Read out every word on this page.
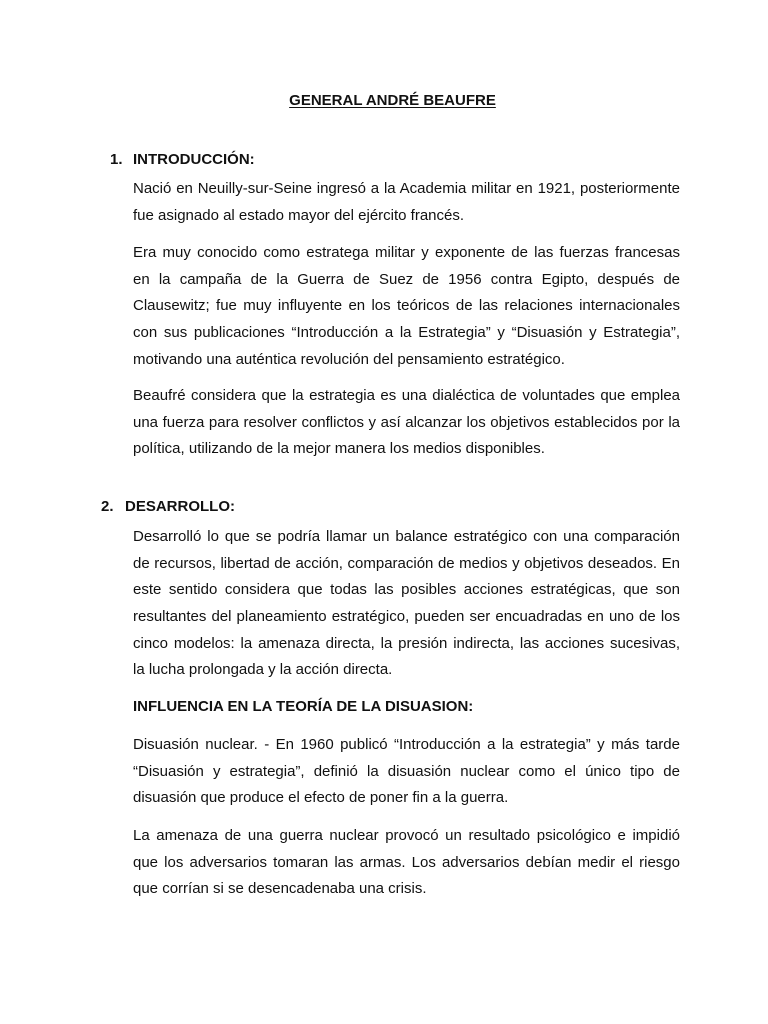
GENERAL ANDRÉ BEAUFRE
1. INTRODUCCIÓN:
Nació en Neuilly-sur-Seine ingresó a la Academia militar en 1921, posteriormente
fue asignado al estado mayor del ejército francés.
Era muy conocido como estratega militar y exponente de las fuerzas francesas
en la campaña de la Guerra de Suez de 1956 contra Egipto, después de
Clausewitz; fue muy influyente en los teóricos de las relaciones internacionales
con sus publicaciones “Introducción a la Estrategia” y “Disuasión y Estrategia”,
motivando una auténtica revolución del pensamiento estratégico.
Beaufré considera que la estrategia es una dialéctica de voluntades que emplea
una fuerza para resolver conflictos y así alcanzar los objetivos establecidos por la
política, utilizando de la mejor manera los medios disponibles.
2. DESARROLLO:
Desarrolló lo que se podría llamar un balance estratégico con una comparación
de recursos, libertad de acción, comparación de medios y objetivos deseados. En
este sentido considera que todas las posibles acciones estratégicas, que son
resultantes del planeamiento estratégico, pueden ser encuadradas en uno de los
cinco modelos: la amenaza directa, la presión indirecta, las acciones sucesivas,
la lucha prolongada y la acción directa.
INFLUENCIA EN LA TEORÍA DE LA DISUASION:
Disuasión nuclear. - En 1960 publicó “Introducción a la estrategia” y más tarde
“Disuasión y estrategia”, definió la disuasión nuclear como el único tipo de
disuasión que produce el efecto de poner fin a la guerra.
La amenaza de una guerra nuclear provocó un resultado psicológico e impidió
que los adversarios tomaran las armas. Los adversarios debían medir el riesgo
que corrían si se desencadenaba una crisis.
